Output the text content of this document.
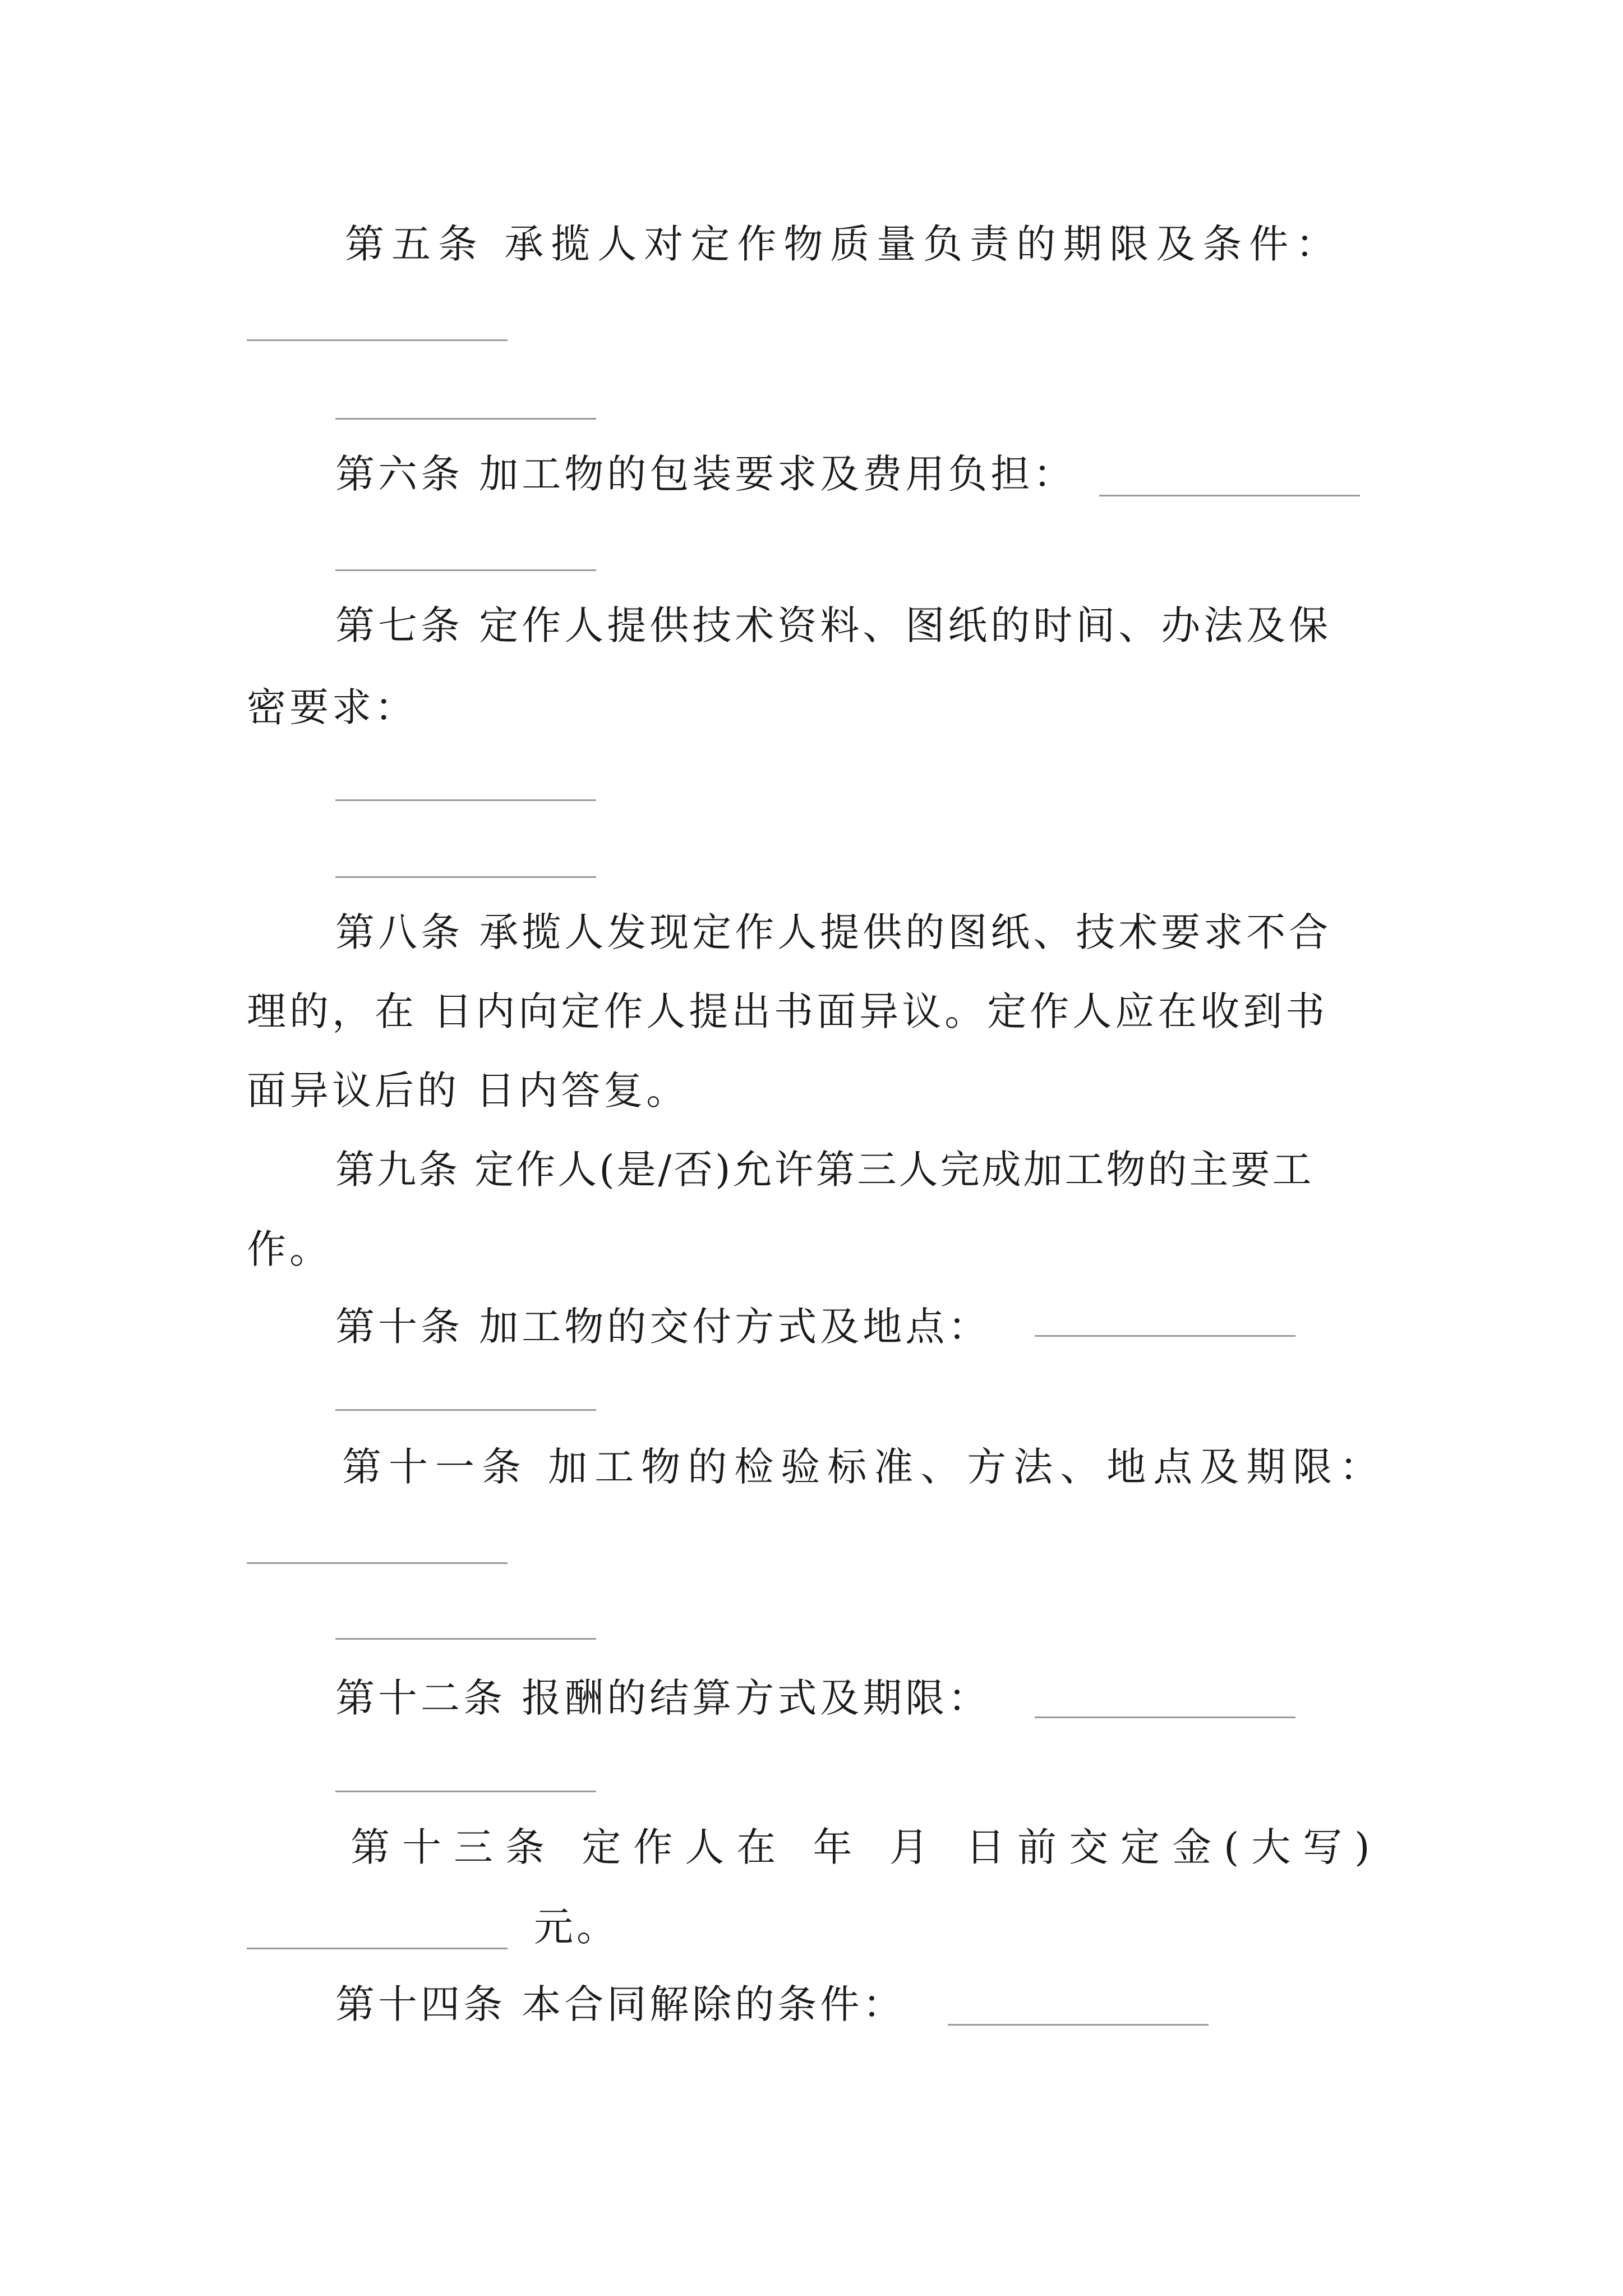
第五条 承揽人对定作物质量负责的期限及条件：
第六条 加工物的包装要求及费用负担：
第七条 定作人提供技术资料、图纸的时间、办法及保
密要求：
第八条 承揽人发现定作人提供的图纸、技术要求不合
理的，在 日内向定作人提出书面异议。定作人应在收到书
面异议后的 日内答复。
第九条 定作人(是/否)允许第三人完成加工物的主要工
作。
第十条 加工物的交付方式及地点：
第十一条 加工物的检验标准、方法、地点及期限：
第十二条 报酬的结算方式及期限：
第十三条 定作人在 年 月 日前交定金(大写)
元。
第十四条 本合同解除的条件：
